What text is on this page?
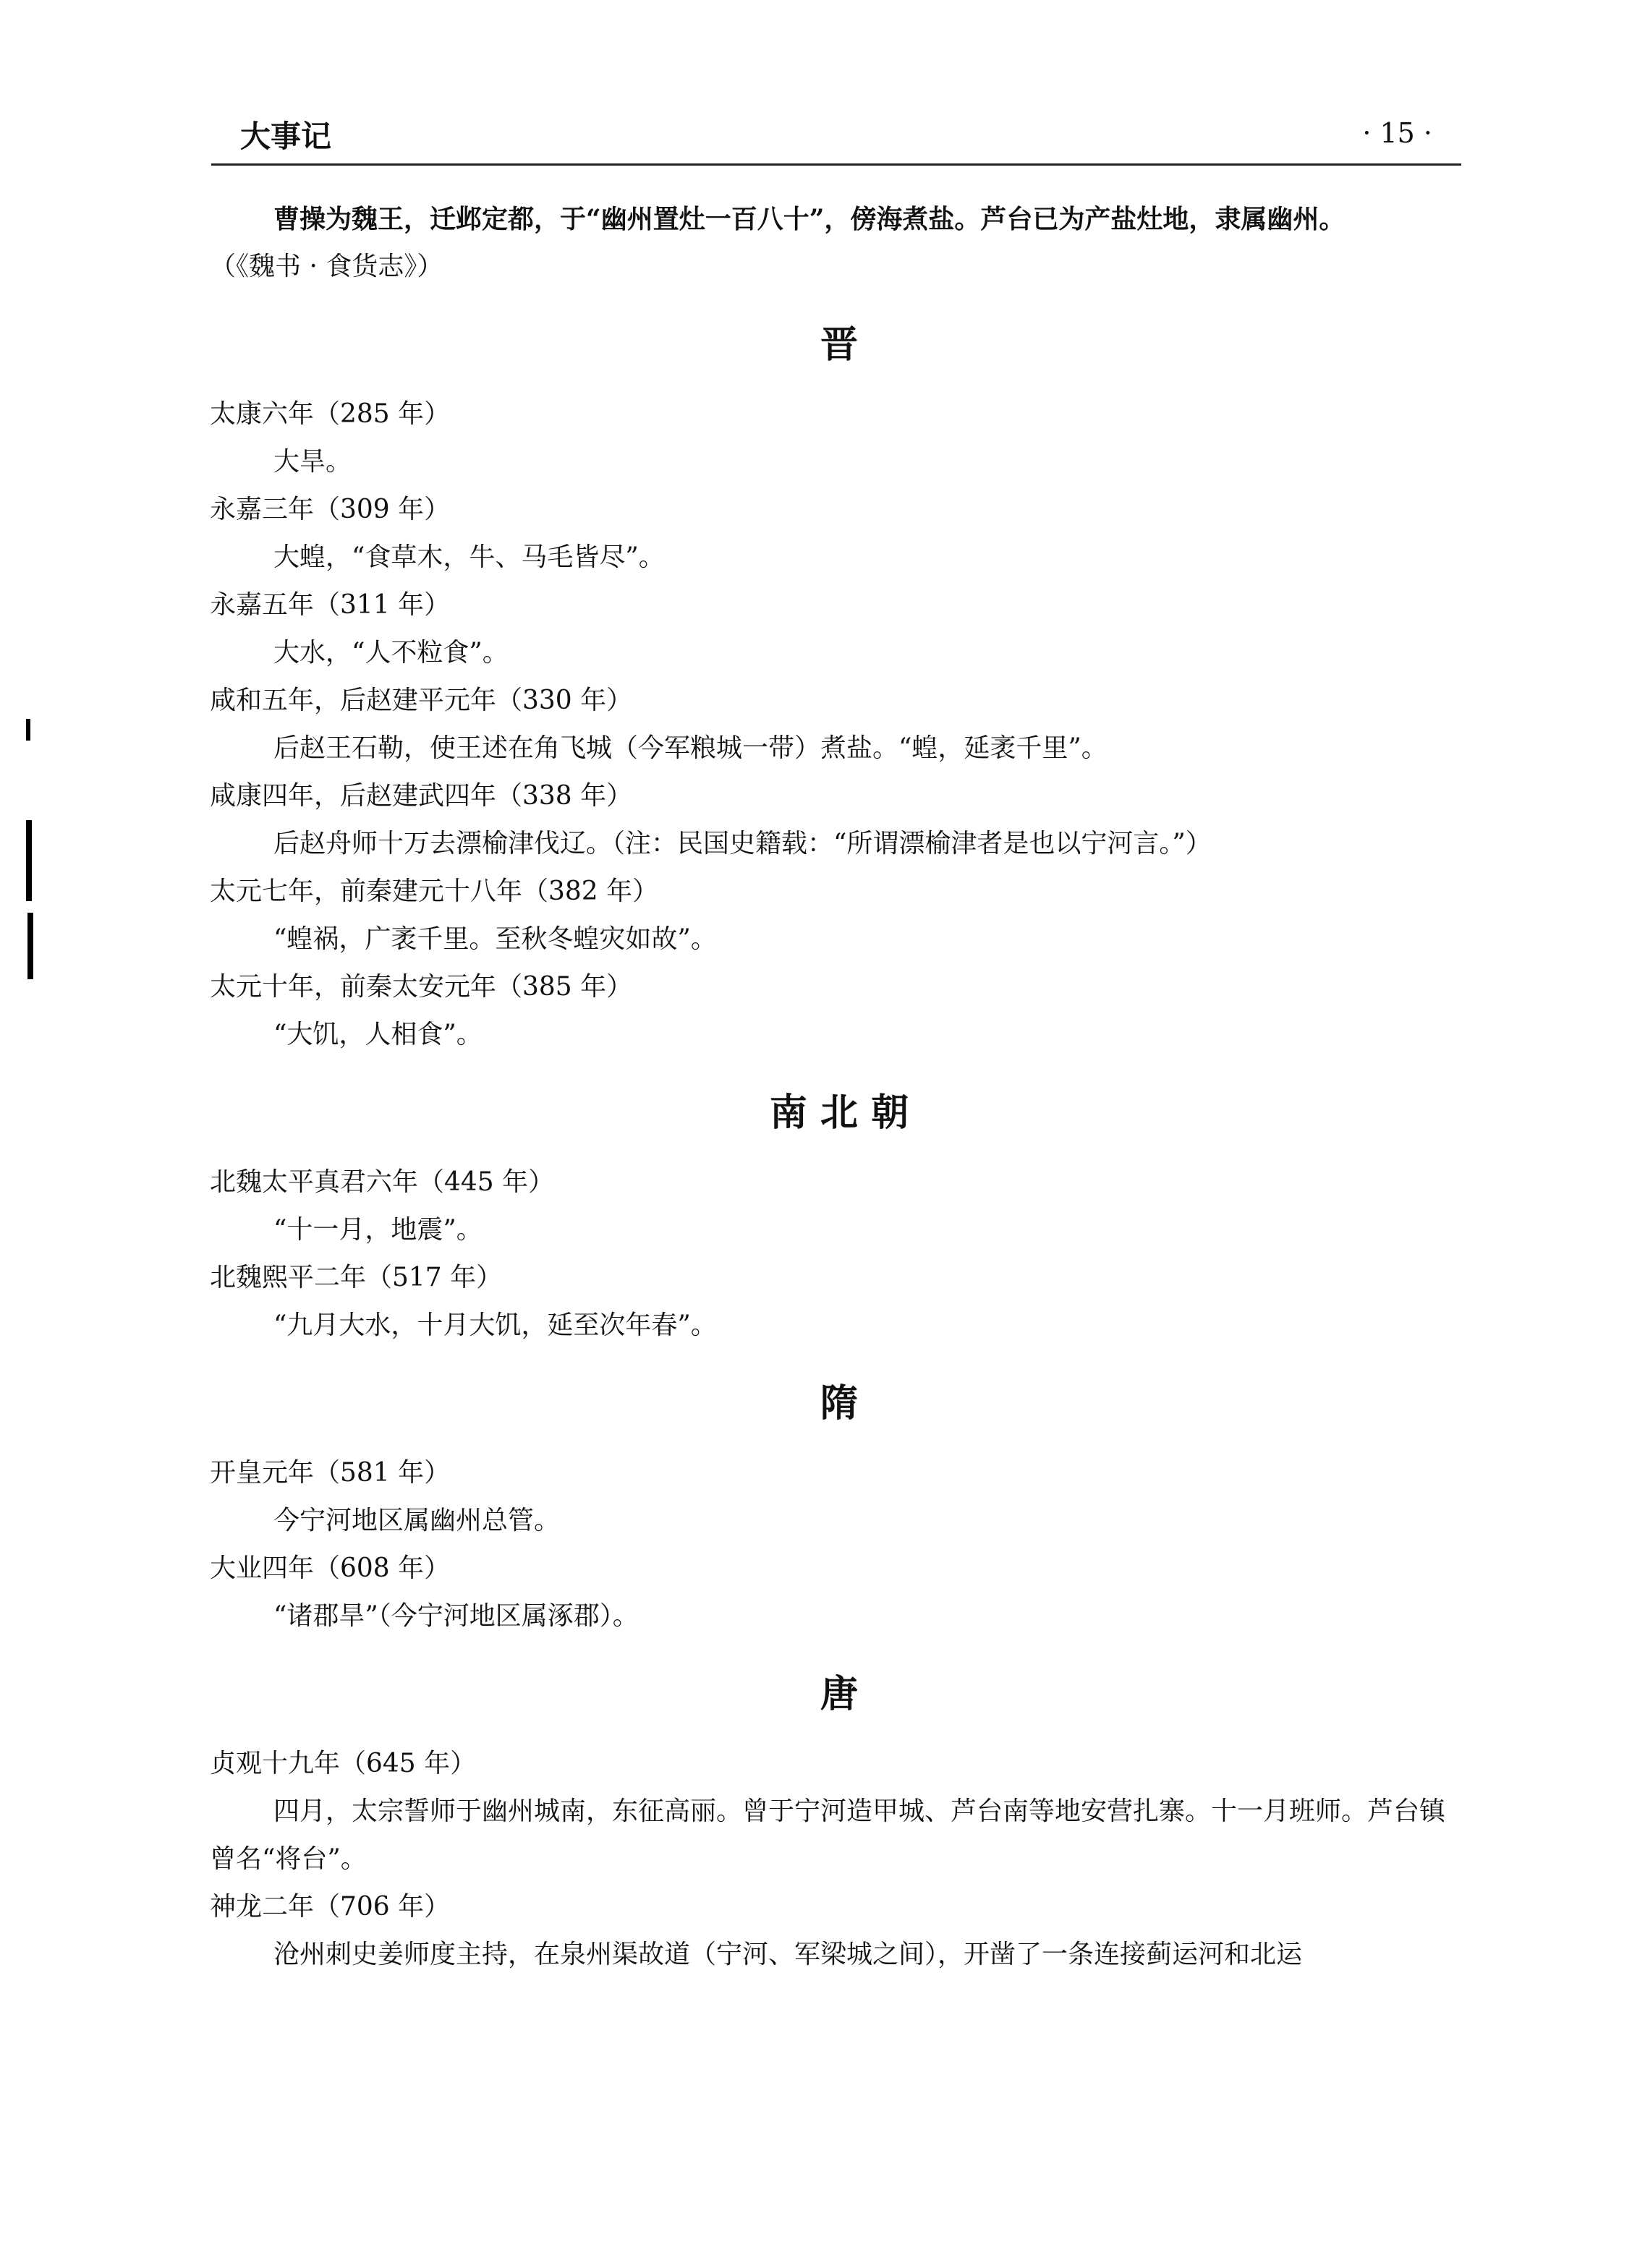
大事记	· 15 ·

曹操为魏王，迁邺定都，于“幽州置灶一百八十”，傍海煮盐。芦台已为产盐灶地，隶属幽州。

（《魏书 · 食货志》）

晋

太康六年（285 年）

大旱。

永嘉三年（309 年）

大蝗，“食草木，牛、马毛皆尽”。

永嘉五年（311 年）

大水，“人不粒食”。

咸和五年，后赵建平元年（330 年）

后赵王石勒，使王述在角飞城（今军粮城一带）煮盐。“蝗，延袤千里”。

咸康四年，后赵建武四年（338 年）

后赵舟师十万去漂榆津伐辽。（注：民国史籍载：“所谓漂榆津者是也以宁河言。”）

太元七年，前秦建元十八年（382 年）

“蝗祸，广袤千里。至秋冬蝗灾如故”。

太元十年，前秦太安元年（385 年）

“大饥，人相食”。

南 北 朝

北魏太平真君六年（445 年）

“十一月，地震”。

北魏熙平二年（517 年）

“九月大水，十月大饥，延至次年春”。

隋

开皇元年（581 年）

今宁河地区属幽州总管。

大业四年（608 年）

“诸郡旱”（今宁河地区属涿郡）。

唐

贞观十九年（645 年）

四月，太宗誓师于幽州城南，东征高丽。曾于宁河造甲城、芦台南等地安营扎寨。十一月班师。芦台镇曾名“将台”。

神龙二年（706 年）

沧州刺史姜师度主持，在泉州渠故道（宁河、军梁城之间），开凿了一条连接蓟运河和北运
